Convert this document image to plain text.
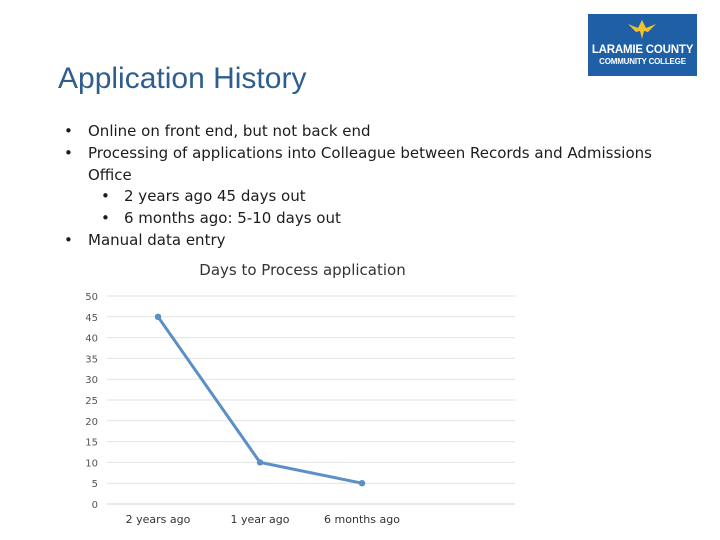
LARAMIE COUNTY
COMMUNITY COLLEGE
Application History
• Online on front end, but not back end
• Processing of applications into Colleague between Records and Admissions
Office
• 2 years ago 45 days out
• 6 months ago: 5-10 days out
• Manual data entry
Days to Process application
0
5
10
15
20
25
30
35
40
45
50
2 years ago	1 year ago	6 months ago
